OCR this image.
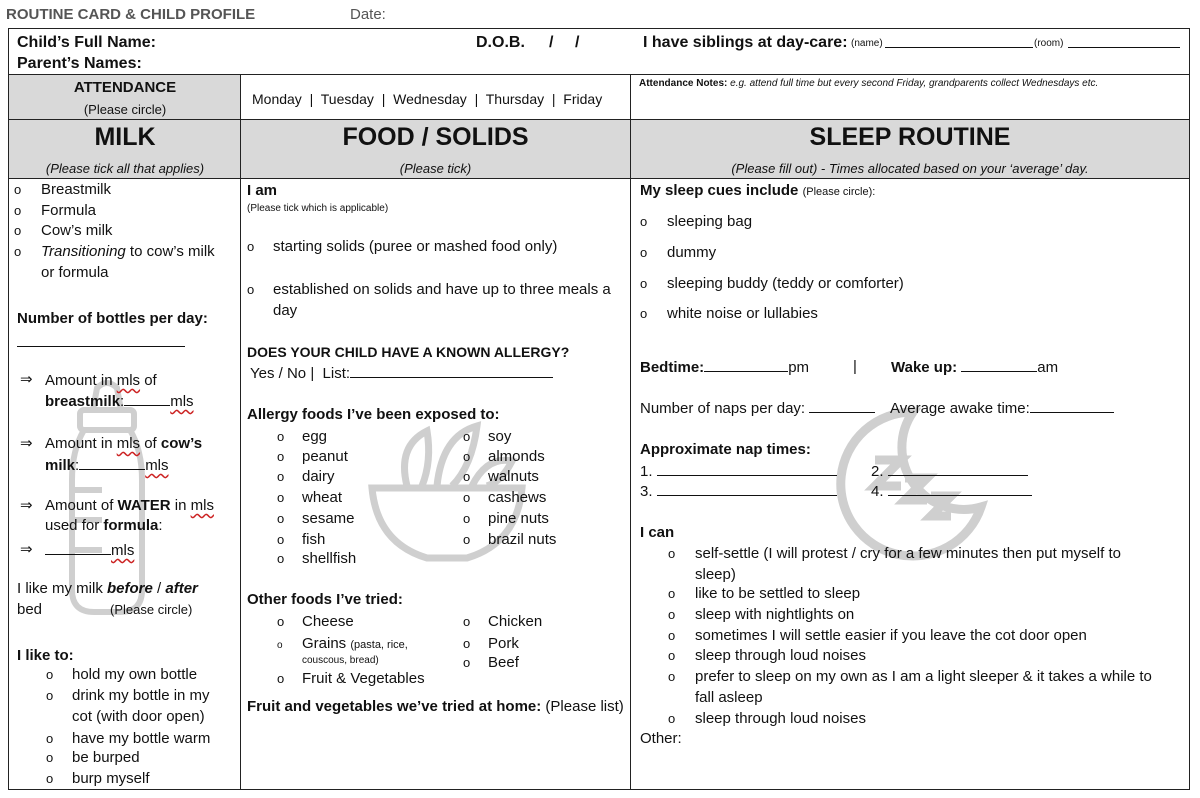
ROUTINE CARD & CHILD PROFILE	Date:
Child’s Full Name:	D.O.B. / /	I have siblings at day-care: (name)	(room)
Parent’s Names:
ATTENDANCE
(Please circle)
Monday  |  Tuesday  |  Wednesday  |  Thursday  |  Friday
Attendance Notes: e.g. attend full time but every second Friday, grandparents collect Wednesdays etc.
MILK
(Please tick all that applies)
FOOD / SOLIDS
(Please tick)
SLEEP ROUTINE
(Please fill out) - Times allocated based on your ‘average’ day.
o Breastmilk
o Formula
o Cow’s milk
o Transitioning to cow’s milk
or formula
Number of bottles per day:
⇒ Amount in mls of
breastmilk:	mls
⇒ Amount in mls of cow’s
milk:	mls
⇒ Amount of WATER in mls
used for formula:
⇒	mls
I like my milk before / after
bed	(Please circle)
I like to:
o hold my own bottle
o drink my bottle in my
cot (with door open)
o have my bottle warm
o be burped
o burp myself
I am
(Please tick which is applicable)
o starting solids (puree or mashed food only)
o established on solids and have up to three meals a
day
DOES YOUR CHILD HAVE A KNOWN ALLERGY?
Yes / No |  List:
Allergy foods I’ve been exposed to:
o egg
o peanut
o dairy
o wheat
o sesame
o fish
o shellfish
o soy
o almonds
o walnuts
o cashews
o pine nuts
o brazil nuts
Other foods I’ve tried:
o Cheese
o Grains (pasta, rice,
couscous, bread)
o Fruit & Vegetables
o Chicken
o Pork
o Beef
Fruit and vegetables we’ve tried at home: (Please list)
My sleep cues include (Please circle):
o sleeping bag
o dummy
o sleeping buddy (teddy or comforter)
o white noise or lullabies
Bedtime:	pm	| Wake up:	am
Number of naps per day:	Average awake time:
Approximate nap times:
1.	2.
3.	4.
I can
o self-settle (I will protest / cry for a few minutes then put myself to
sleep)
o like to be settled to sleep
o sleep with nightlights on
o sometimes I will settle easier if you leave the cot door open
o sleep through loud noises
o prefer to sleep on my own as I am a light sleeper & it takes a while to
fall asleep
o sleep through loud noises
Other:
